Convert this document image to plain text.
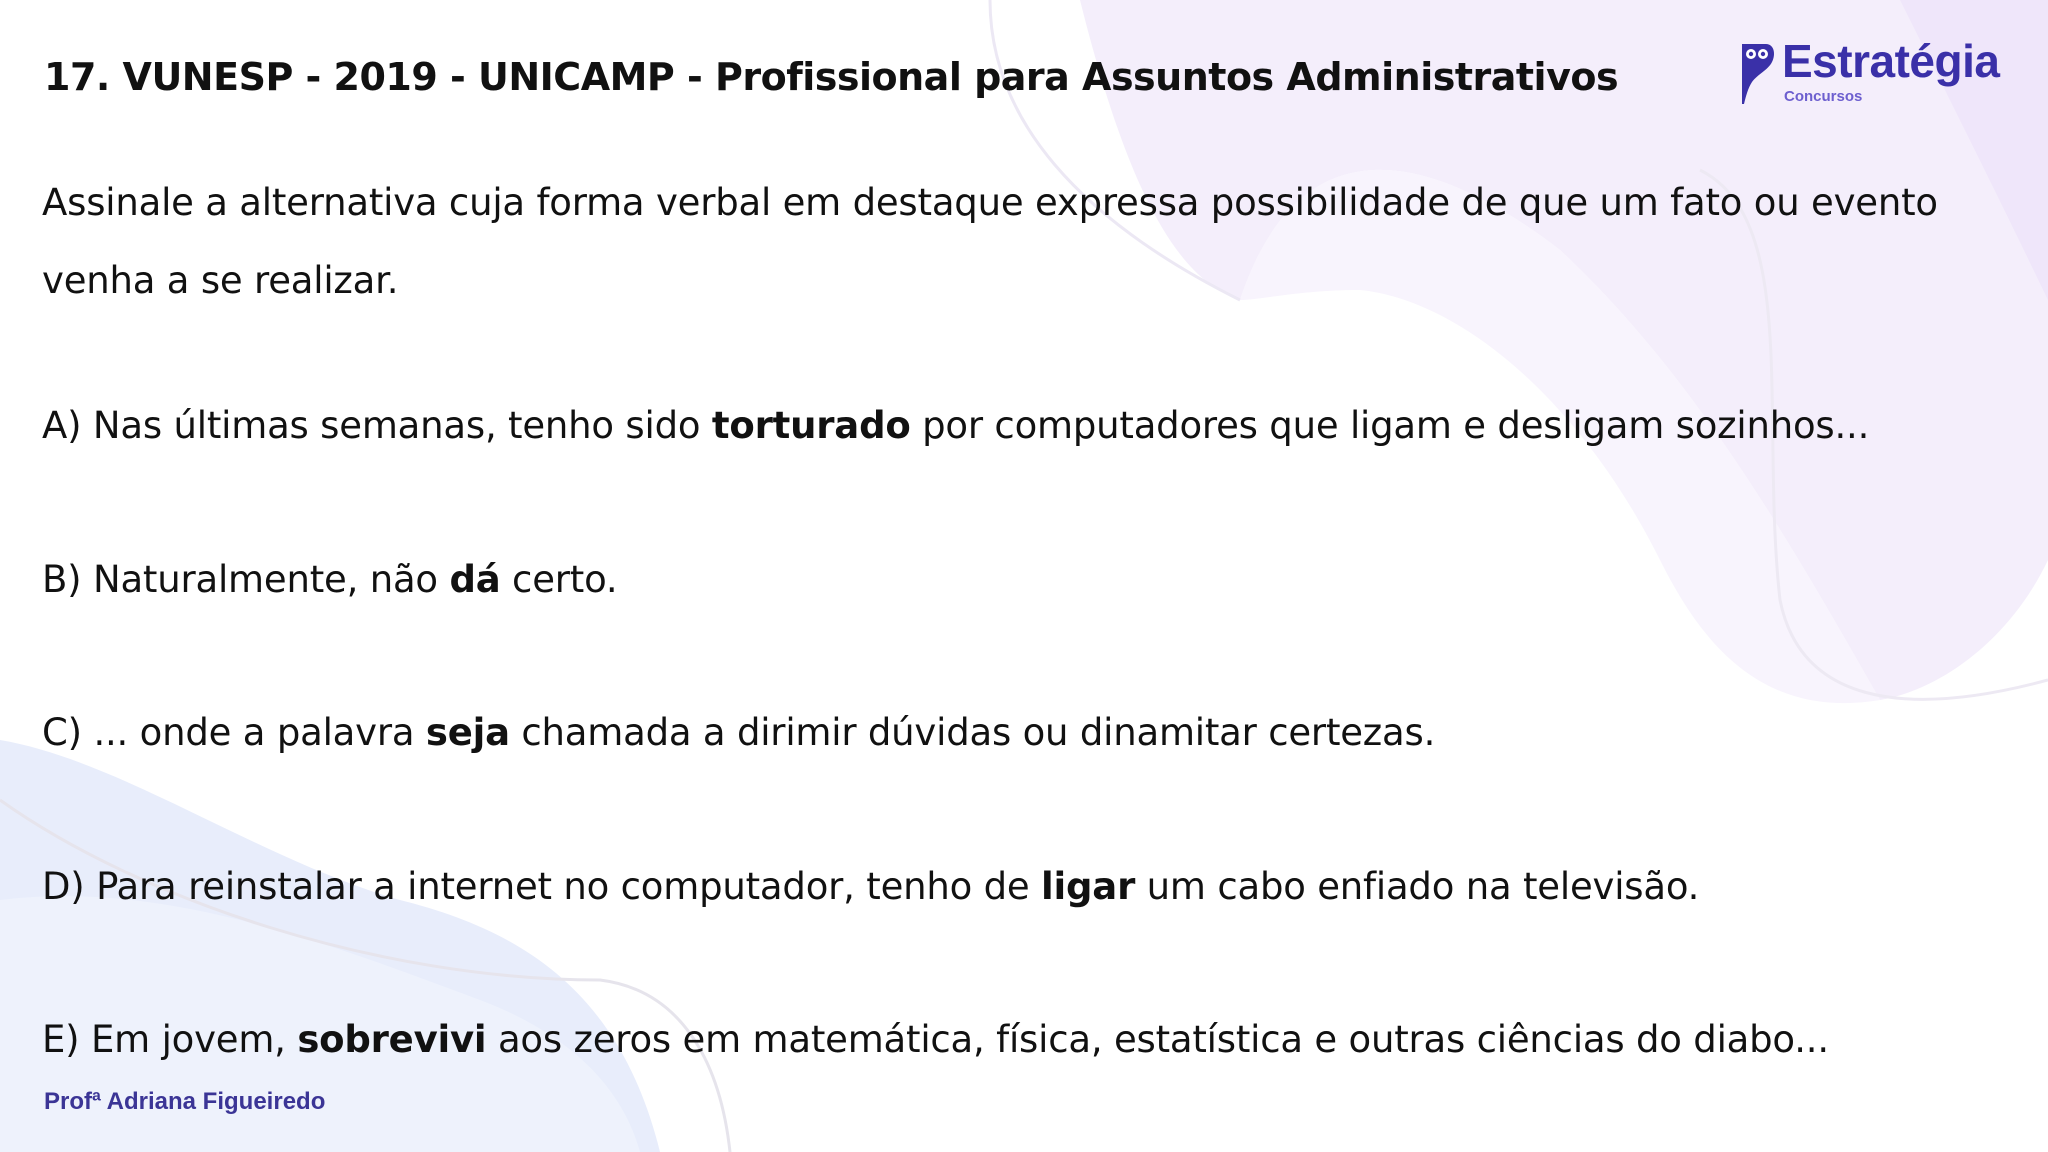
17. VUNESP - 2019 - UNICAMP - Profissional para Assuntos Administrativos	Estratégia
Concursos
Assinale a alternativa cuja forma verbal em destaque expressa possibilidade de que um fato ou evento venha a se realizar.
A) Nas últimas semanas, tenho sido torturado por computadores que ligam e desligam sozinhos...
B) Naturalmente, não dá certo.
C) ... onde a palavra seja chamada a dirimir dúvidas ou dinamitar certezas.
D) Para reinstalar a internet no computador, tenho de ligar um cabo enfiado na televisão.
E) Em jovem, sobrevivi aos zeros em matemática, física, estatística e outras ciências do diabo...
Profª Adriana Figueiredo
